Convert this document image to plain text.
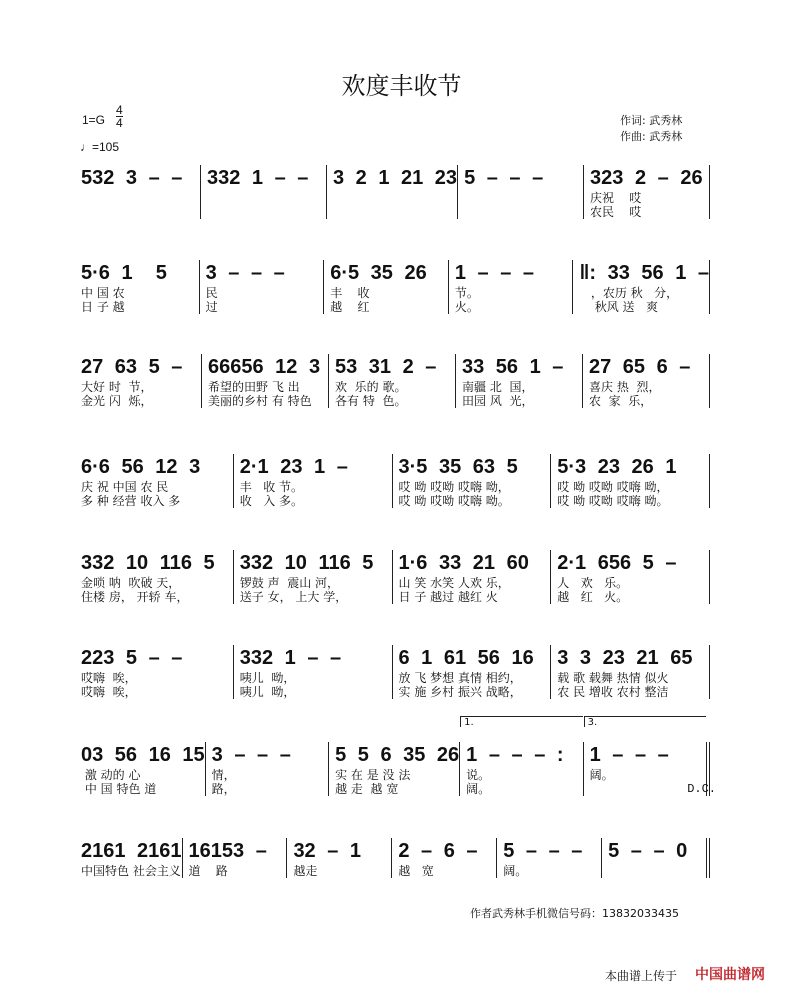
欢度丰收节
1=G
4
4
♩=105
作词: 武秀林
作曲: 武秀林
532 3 – –	332 1 – –	3 2 1 21 23 5 – – –	323 2 – 26
庆祝    哎
农民    哎
5·6 1  5
中 国 农
日 子 越
3 – – –
民
过
6·5 35 26
丰    收
越    红
1 – – –
节。
火。
‖: 33 56 1 –
，农历 秋   分，
秋风 送   爽
27 63 5 –
大好 时  节，
金光 闪  烁，
66656 12 3
希望的田野 飞 出
美丽的乡村 有 特色
53 31 2 –
欢  乐的 歌。
各有 特  色。
33 56 1 –
南疆 北  国，
田园 风  光，
27 65 6 –
喜庆 热  烈，
农  家  乐，
6·6 56 12 3
庆 祝 中国 农 民
多 种 经营 收入 多
2·1 23 1 –
丰   收 节。
收   入 多。
3·5 35 63 5
哎 呦 哎呦 哎嗨 呦，
哎 呦 哎呦 哎嗨 呦。
5·3 23 26 1
哎 呦 哎呦 哎嗨 呦，
哎 呦 哎呦 哎嗨 呦。
332 10 116 5
金唢 呐  吹破 天，
住楼 房， 开轿 车，
332 10 116 5
锣鼓 声  震山 河，
送子 女， 上大 学，
1·6 33 21 60
山 笑 水笑 人欢 乐，
日 子 越过 越红 火
2·1 656 5 –
人   欢   乐。
越   红   火。
223 5 – –
哎嗨  唉，
哎嗨  唉，
332 1 – –
咦儿  呦，
咦儿  呦，
6 1 61 56 16
放 飞 梦想 真情 相约，
实 施 乡村 振兴 战略，
3 3 23 21 65
载 歌 载舞 热情 似火
农 民 增收 农村 整洁
03 56 16 15
激 动的 心
中 国 特色 道
3 – – –
情，
路，
5 5 6 35 26
实 在 是 没 法
越 走  越 宽
1 – – – :
说。
阔。
1.
1 – – –
阔。
3.
D.C.
2161 2161
中国特色 社会主义
16153 –
道    路
32 – 1
越走
2 – 6 –
越   宽
5 – – –
阔。
5 – – 0
作者武秀林手机微信号码：13832033435
本曲谱上传于 中国曲谱网
